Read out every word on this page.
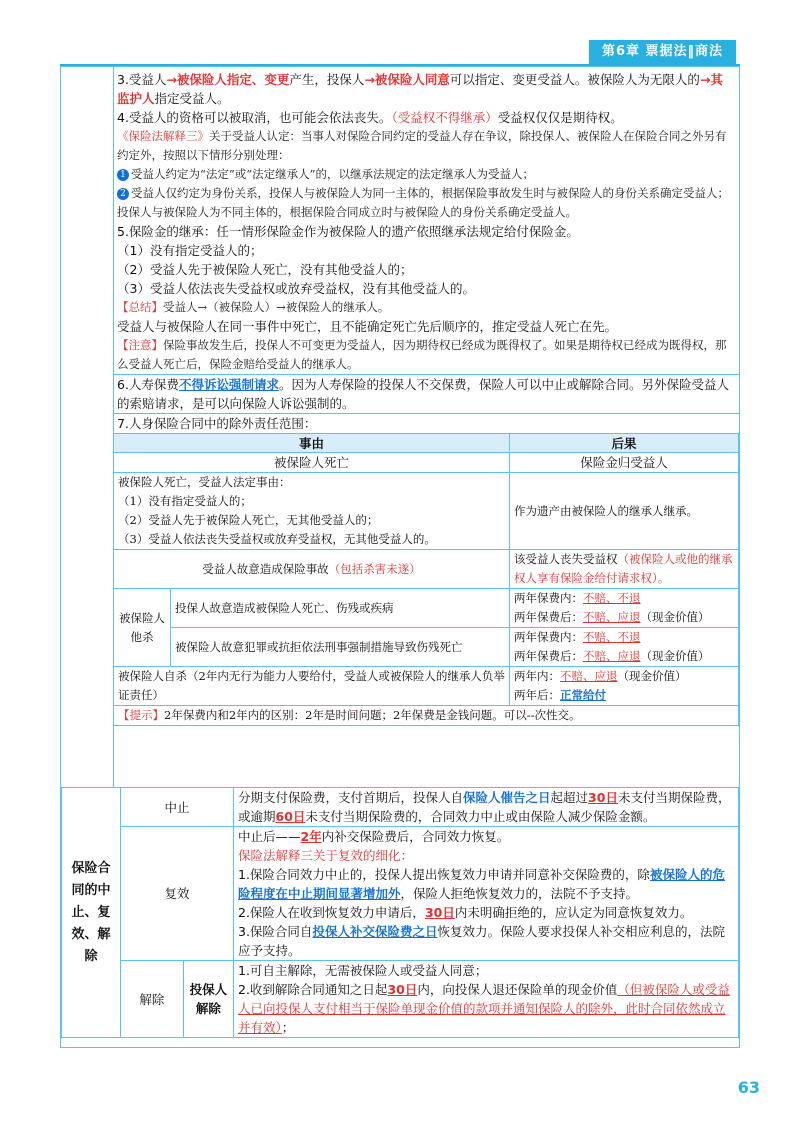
第6章 票据法‖商法
3.受益人→被保险人指定、变更产生，投保人→被保险人同意可以指定、变更受益人。被保险人为无限人的→其监护人指定受益人。
4.受益人的资格可以被取消，也可能会依法丧失。（受益权不得继承）受益权仅仅是期待权。
《保险法解释三》关于受益人认定：当事人对保险合同约定的受益人存在争议，除投保人、被保险人在保险合同之外另有约定外，按照以下情形分别处理：
1 受益人约定为“法定”或“法定继承人”的，以继承法规定的法定继承人为受益人；
2 受益人仅约定为身份关系，投保人与被保险人为同一主体的，根据保险事故发生时与被保险人的身份关系确定受益人；投保人与被保险人为不同主体的，根据保险合同成立时与被保险人的身份关系确定受益人。
5.保险金的继承：任一情形保险金作为被保险人的遗产依照继承法规定给付保险金。
（1）没有指定受益人的；
（2）受益人先于被保险人死亡，没有其他受益人的；
（3）受益人依法丧失受益权或放弃受益权，没有其他受益人的。
【总结】受益人→（被保险人）→被保险人的继承人。
受益人与被保险人在同一事件中死亡，且不能确定死亡先后顺序的，推定受益人死亡在先。
【注意】保险事故发生后，投保人不可变更为受益人，因为期待权已经成为既得权了。如果是期待权已经成为既得权，那么受益人死亡后，保险金赔给受益人的继承人。
6.人寿保费不得诉讼强制请求。因为人寿保险的投保人不交保费，保险人可以中止或解除合同。另外保险受益人的索赔请求，是可以向保险人诉讼强制的。
7.人身保险合同中的除外责任范围：
事由		后果
被保险人死亡		保险金归受益人
被保险人死亡，受益人法定事由：
（1）没有指定受益人的；
（2）受益人先于被保险人死亡，无其他受益人的；
（3）受益人依法丧失受益权或放弃受益权，无其他受益人的。		作为遗产由被保险人的继承人继承。
受益人故意造成保险事故（包括杀害未遂）		该受益人丧失受益权（被保险人或他的继承权人享有保险金给付请求权）。
被保险人他杀	投保人故意造成被保险人死亡、伤残或疾病	两年保费内：不赔、不退
两年保费后：不赔、应退（现金价值）
	被保险人故意犯罪或抗拒依法刑事强制措施导致伤残死亡	两年保费内：不赔、不退
两年保费后：不赔、应退（现金价值）
被保险人自杀（2年内无行为能力人要给付，受益人或被保险人的继承人负举证责任）		两年内：不赔、应退（现金价值）
两年后：正常给付
【提示】2年保费内和2年内的区别：2年是时间问题；2年保费是金钱问题。可以--次性交。		
保险合同的中止、复效、解除	中止		分期支付保险费，支付首期后，投保人自保险人催告之日起超过30日未支付当期保险费，或逾期60日未支付当期保险费的，合同效力中止或由保险人减少保险金额。
	复效		中止后——2年内补交保险费后，合同效力恢复。
保险法解释三关于复效的细化：
1.保险合同效力中止的，投保人提出恢复效力申请并同意补交保险费的，除被保险人的危险程度在中止期间显著增加外，保险人拒绝恢复效力的，法院不予支持。
2.保险人在收到恢复效力申请后，30日内未明确拒绝的，应认定为同意恢复效力。
3.保险合同自投保人补交保险费之日恢复效力。保险人要求投保人补交相应利息的，法院应予支持。
	解除	投保人解除	1.可自主解除，无需被保险人或受益人同意；
2.收到解除合同通知之日起30日内，向投保人退还保险单的现金价值（但被保险人或受益人已向投保人支付相当于保险单现金价值的款项并通知保险人的除外，此时合同依然成立并有效）；
63
